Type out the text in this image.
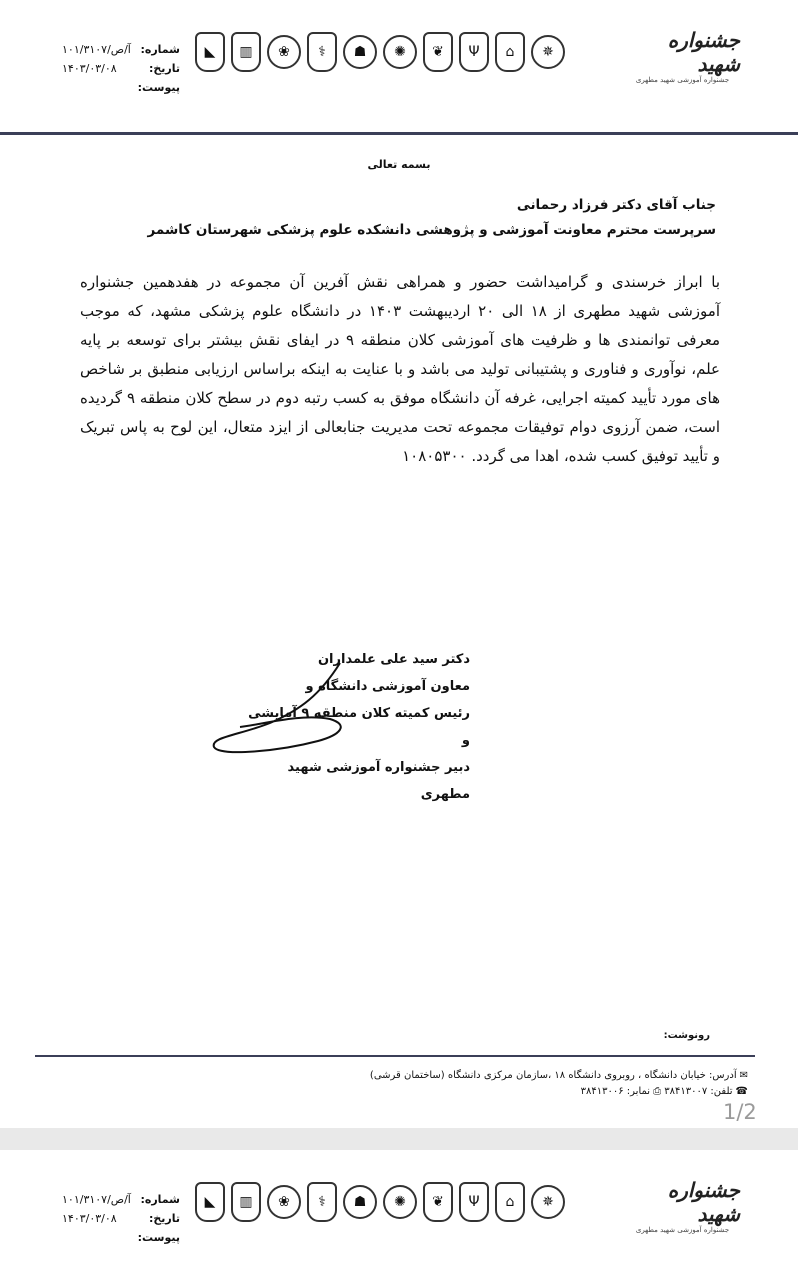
شماره:
۱۰۱/آ/ص/۳۱۰۷
تاریخ:
۱۴۰۳/۰۳/۰۸
پیوست:
◣	▥	❀	⚕	☗	✺	❦	Ψ	⌂	✵	جشنواره شهید
جشنواره آموزشی شهید مطهری
بسمه تعالی
جناب آقای دکتر فرزاد رحمانی
سرپرست محترم معاونت آموزشی و پژوهشی دانشکده علوم پزشکی شهرستان کاشمر
با ابراز خرسندی و گرامیداشت حضور و همراهی نقش آفرین آن مجموعه در هفدهمین جشنواره آموزشی شهید مطهری از ۱۸ الی ۲۰ اردیبهشت ۱۴۰۳ در دانشگاه علوم پزشکی مشهد، که موجب معرفی توانمندی ها و ظرفیت های آموزشی کلان منطقه ۹ در ایفای نقش بیشتر برای توسعه بر پایه علم، نوآوری و فناوری و پشتیبانی تولید می باشد و با عنایت به اینکه براساس ارزیابی منطبق بر شاخص های مورد تأیید کمیته اجرایی، غرفه آن دانشگاه موفق به کسب رتبه دوم در سطح کلان منطقه ۹ گردیده است، ضمن آرزوی دوام توفیقات مجموعه تحت مدیریت جنابعالی از ایزد متعال، این لوح به پاس تبریک و تأیید توفیق کسب شده، اهدا می گردد. ۱۰۸۰۵۳۰۰
دکتر سید علی علمداران
معاون آموزشی دانشگاه و
رئیس کمیته کلان منطقه ۹ آمایشی و
دبیر جشنواره آموزشی شهید مطهری
رونوشت:
✉آدرس: خیابان دانشگاه ، روبروی دانشگاه ۱۸ ،سازمان مرکزی دانشگاه (ساختمان قرشی)
☎تلفن: ۳۸۴۱۳۰۰۷ ⎙نمابر: ۳۸۴۱۳۰۰۶
1/2
شماره:
۱۰۱/آ/ص/۳۱۰۷
تاریخ:
۱۴۰۳/۰۳/۰۸
پیوست:
◣	▥	❀	⚕	☗	✺	❦	Ψ	⌂	✵	جشنواره شهید
جشنواره آموزشی شهید مطهری
